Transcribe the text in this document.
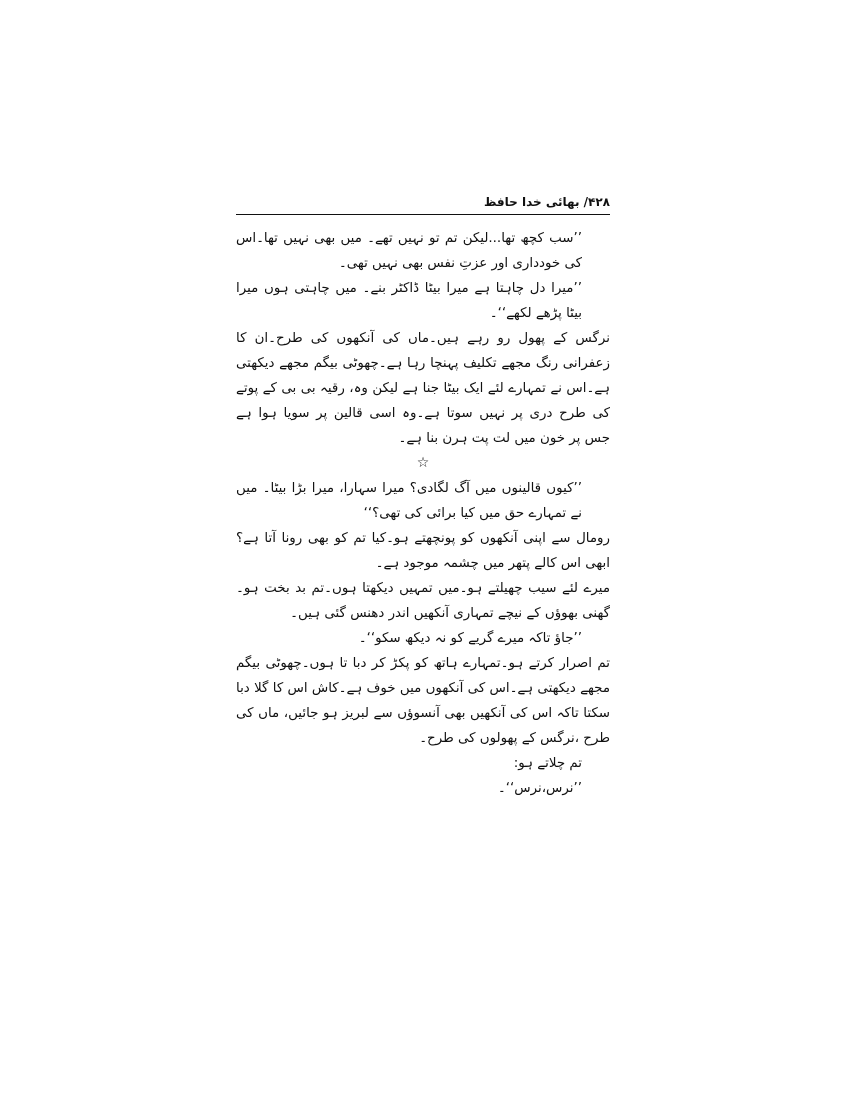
۴۲۸/ بھائی خدا حافظ

’’سب کچھ تھا...لیکن تم تو نہیں تھے۔ میں بھی نہیں تھا۔اس کی خودداری اور عزتِ نفس بھی نہیں تھی۔

’’میرا دل چاہتا ہے میرا بیٹا ڈاکٹر بنے۔ میں چاہتی ہوں میرا بیٹا پڑھے لکھے‘‘۔

نرگس کے پھول رو رہے ہیں۔ماں کی آنکھوں کی طرح۔ان کا زعفرانی رنگ مجھے تکلیف پہنچا رہا ہے۔چھوٹی بیگم مجھے دیکھتی ہے۔اس نے تمہارے لئے ایک بیٹا جنا ہے لیکن وہ، رقیہ بی بی کے پوتے کی طرح دری پر نہیں سوتا ہے۔وہ اسی قالین پر سویا ہوا ہے جس پر خون میں لت پت ہرن بنا ہے۔

☆

’’کیوں قالینوں میں آگ لگادی؟ میرا سہارا، میرا بڑا بیٹا۔ میں نے تمہارے حق میں کیا برائی کی تھی؟‘‘

رومال سے اپنی آنکھوں کو پونچھتے ہو۔کیا تم کو بھی رونا آتا ہے؟ ابھی اس کالے پتھر میں چشمہ موجود ہے۔

میرے لئے سیب چھیلتے ہو۔میں تمہیں دیکھتا ہوں۔تم بد بخت ہو۔گھنی بھوؤں کے نیچے تمہاری آنکھیں اندر دھنس گئی ہیں۔

’’جاؤ تاکہ میرے گریے کو نہ دیکھ سکو‘‘۔

تم اصرار کرتے ہو۔تمہارے ہاتھ کو پکڑ کر دبا تا ہوں۔چھوٹی بیگم مجھے دیکھتی ہے۔اس کی آنکھوں میں خوف ہے۔کاش اس کا گلا دبا سکتا تاکہ اس کی آنکھیں بھی آنسوؤں سے لبریز ہو جائیں، ماں کی طرح ،نرگس کے پھولوں کی طرح۔

تم چلاتے ہو:

’’نرس،نرس‘‘۔
